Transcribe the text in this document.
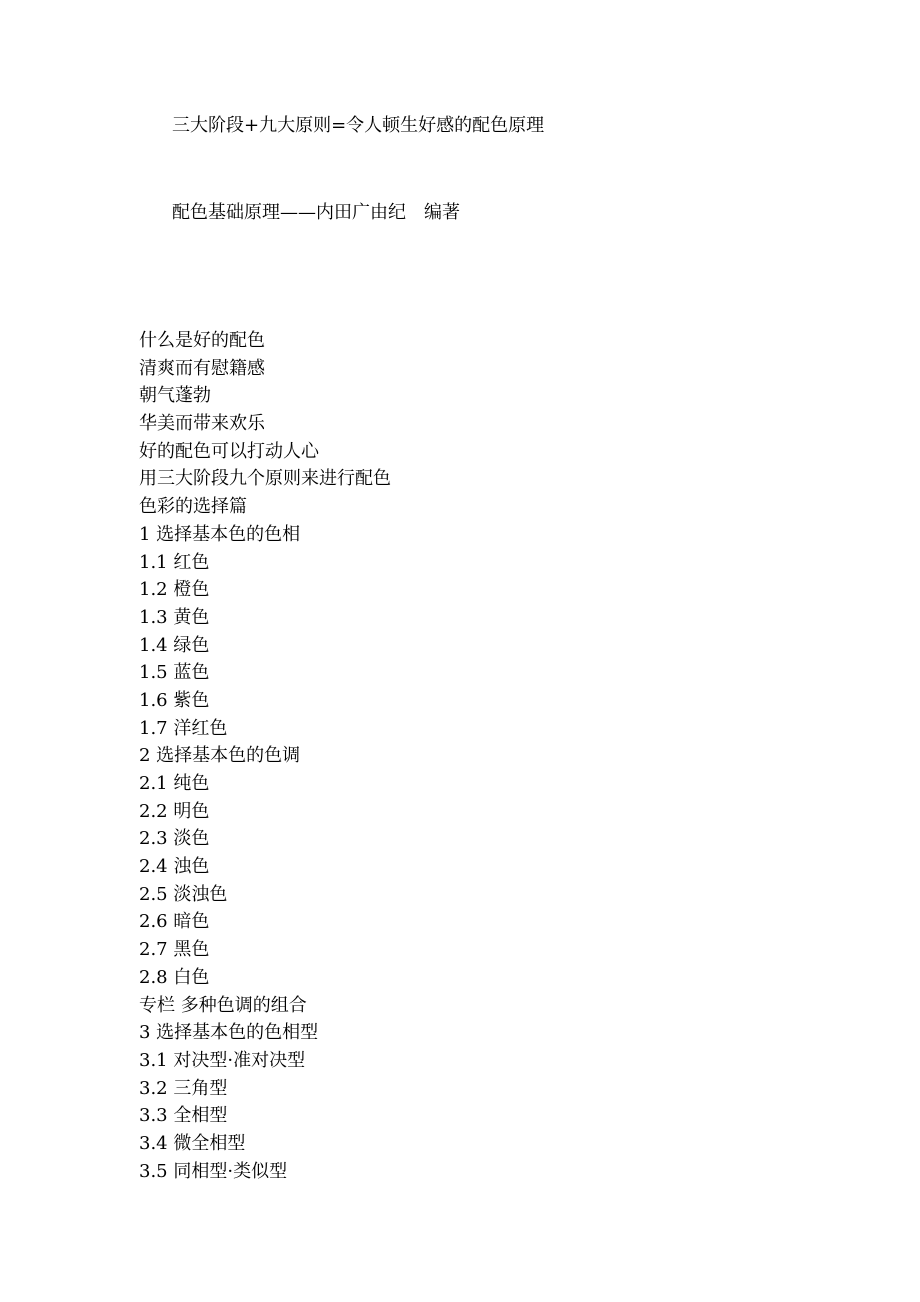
三大阶段+九大原则=令人顿生好感的配色原理
配色基础原理——内田广由纪　编著
什么是好的配色
清爽而有慰籍感
朝气蓬勃
华美而带来欢乐
好的配色可以打动人心
用三大阶段九个原则来进行配色
色彩的选择篇
1 选择基本色的色相
1.1 红色
1.2 橙色
1.3 黄色
1.4 绿色
1.5 蓝色
1.6 紫色
1.7 洋红色
2 选择基本色的色调
2.1 纯色
2.2 明色
2.3 淡色
2.4 浊色
2.5 淡浊色
2.6 暗色
2.7 黑色
2.8 白色
专栏 多种色调的组合
3 选择基本色的色相型
3.1 对决型·准对决型
3.2 三角型
3.3 全相型
3.4 微全相型
3.5 同相型·类似型
